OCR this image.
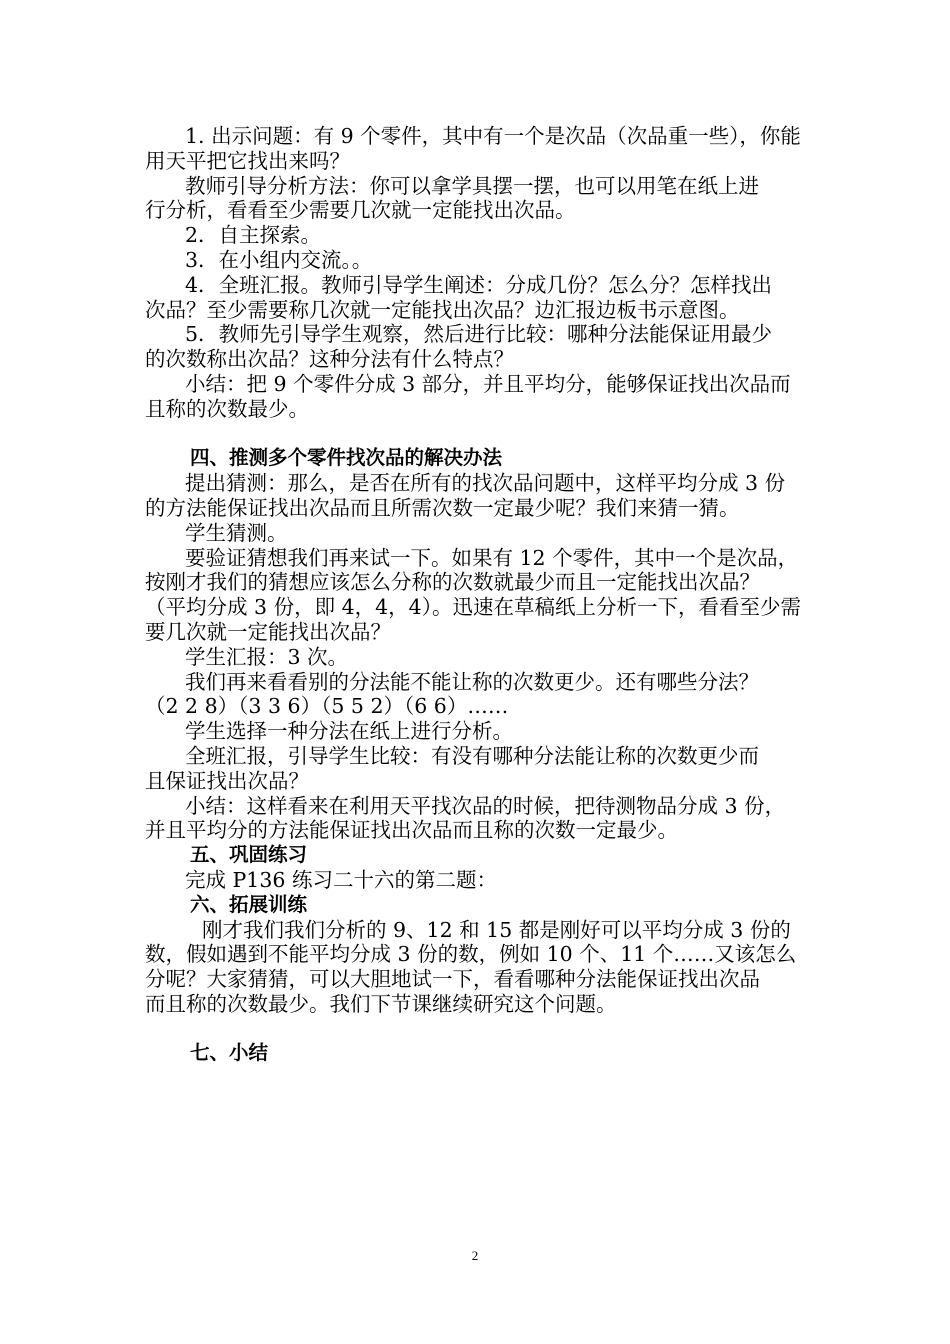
1. 出示问题：有 9 个零件，其中有一个是次品（次品重一些），你能
用天平把它找出来吗？
教师引导分析方法：你可以拿学具摆一摆，也可以用笔在纸上进
行分析，看看至少需要几次就一定能找出次品。
2．自主探索。
3．在小组内交流。。
4．全班汇报。教师引导学生阐述：分成几份？怎么分？怎样找出
次品？至少需要称几次就一定能找出次品？边汇报边板书示意图。
5．教师先引导学生观察，然后进行比较：哪种分法能保证用最少
的次数称出次品？这种分法有什么特点？
小结：把 9 个零件分成 3 部分，并且平均分，能够保证找出次品而
且称的次数最少。
四、推测多个零件找次品的解决办法
提出猜测：那么，是否在所有的找次品问题中，这样平均分成 3 份
的方法能保证找出次品而且所需次数一定最少呢？我们来猜一猜。
学生猜测。
要验证猜想我们再来试一下。如果有 12 个零件，其中一个是次品，
按刚才我们的猜想应该怎么分称的次数就最少而且一定能找出次品？
（平均分成 3 份，即 4，4，4）。迅速在草稿纸上分析一下，看看至少需
要几次就一定能找出次品？
学生汇报：3 次。
我们再来看看别的分法能不能让称的次数更少。还有哪些分法？
（2 2 8）（3 3 6）（5 5 2）（6 6）……
学生选择一种分法在纸上进行分析。
全班汇报，引导学生比较：有没有哪种分法能让称的次数更少而
且保证找出次品？
小结：这样看来在利用天平找次品的时候，把待测物品分成 3 份，
并且平均分的方法能保证找出次品而且称的次数一定最少。
五、巩固练习
完成 P136 练习二十六的第二题：
六、拓展训练
刚才我们我们分析的 9、12 和 15 都是刚好可以平均分成 3 份的
数，假如遇到不能平均分成 3 份的数，例如 10 个、11 个……又该怎么
分呢？大家猜猜，可以大胆地试一下，看看哪种分法能保证找出次品
而且称的次数最少。我们下节课继续研究这个问题。
七、小结
2
